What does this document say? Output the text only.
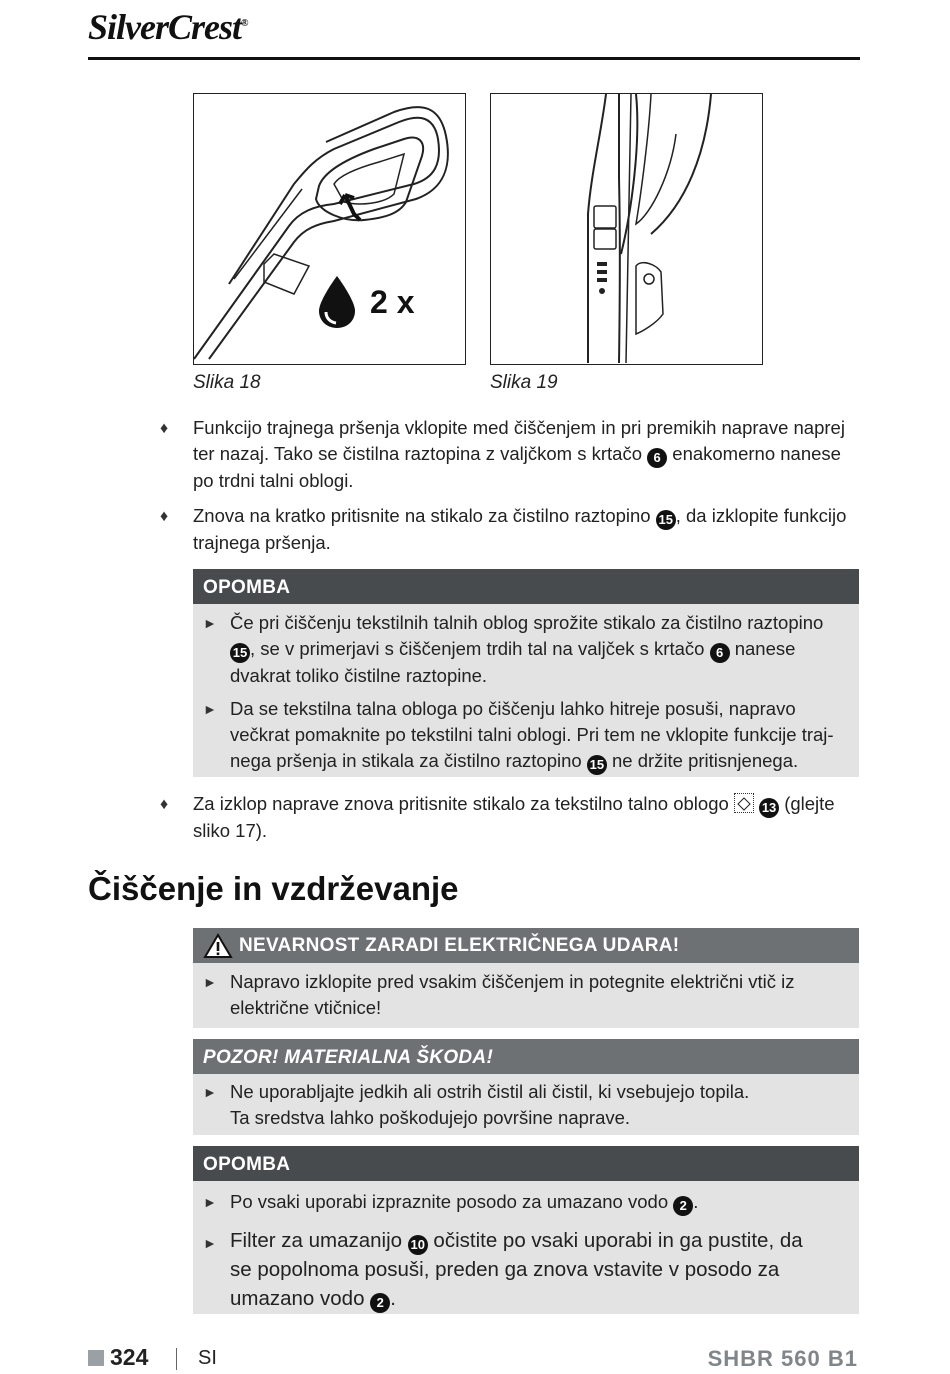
SilverCrest®
2 x
Slika 18	Slika 19
♦ Funkcijo trajnega pršenja vklopite med čiščenjem in pri premikih naprave naprej ter nazaj. Tako se čistilna raztopina z valjčkom s krtačo 6 enakomerno nanese po trdni talni oblogi.
♦ Znova na kratko pritisnite na stikalo za čistilno raztopino 15 , da izklopite funkcijo trajnega pršenja.
OPOMBA
► Če pri čiščenju tekstilnih talnih oblog sprožite stikalo za čistilno raztopino 15 , se v primerjavi s čiščenjem trdih tal na valjček s krtačo 6 nanese dvakrat toliko čistilne raztopine.
► Da se tekstilna talna obloga po čiščenju lahko hitreje posuši, napravo večkrat pomaknite po tekstilni talni oblogi. Pri tem ne vklopite funkcije traj-nega pršenja in stikala za čistilno raztopino 15 ne držite pritisnjenega.
♦ Za izklop naprave znova pritisnite stikalo za tekstilno talno oblogo  13 (glejte sliko 17).
Čiščenje in vzdrževanje
NEVARNOST ZARADI ELEKTRIČNEGA UDARA!
► Napravo izklopite pred vsakim čiščenjem in potegnite električni vtič iz električne vtičnice!
POZOR! MATERIALNA ŠKODA!
► Ne uporabljajte jedkih ali ostrih čistil ali čistil, ki vsebujejo topila.
Ta sredstva lahko poškodujejo površine naprave.
OPOMBA
► Po vsaki uporabi izpraznite posodo za umazano vodo 2 .
► Filter za umazanijo 10 očistite po vsaki uporabi in ga pustite, da se popolnoma posuši, preden ga znova vstavite v posodo za umazano vodo 2 .
324 SI	SHBR 560 B1
